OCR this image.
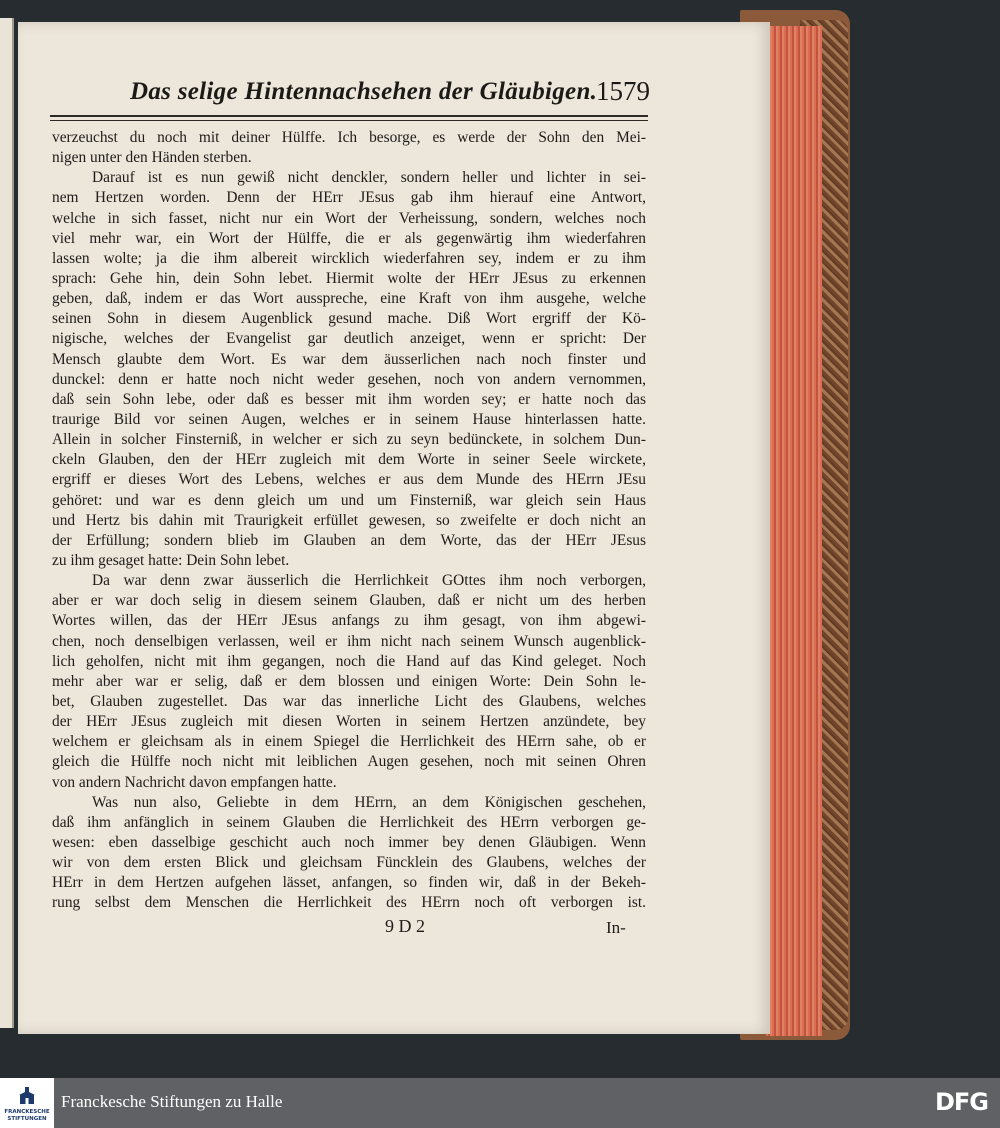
Das selige Hintennachsehen der Gläubigen.
1579
verzeuchst du noch mit deiner Hülffe. Ich besorge, es werde der Sohn den Mei-
nigen unter den Händen sterben.
Darauf ist es nun gewiß nicht denckler, sondern heller und lichter in sei-
nem Hertzen worden. Denn der HErr JEsus gab ihm hierauf eine Antwort,
welche in sich fasset, nicht nur ein Wort der Verheissung, sondern, welches noch
viel mehr war, ein Wort der Hülffe, die er als gegenwärtig ihm wiederfahren
lassen wolte; ja die ihm albereit wircklich wiederfahren sey, indem er zu ihm
sprach: Gehe hin, dein Sohn lebet. Hiermit wolte der HErr JEsus zu erkennen
geben, daß, indem er das Wort ausspreche, eine Kraft von ihm ausgehe, welche
seinen Sohn in diesem Augenblick gesund mache. Diß Wort ergriff der Kö-
nigische, welches der Evangelist gar deutlich anzeiget, wenn er spricht: Der
Mensch glaubte dem Wort. Es war dem äusserlichen nach noch finster und
dunckel: denn er hatte noch nicht weder gesehen, noch von andern vernommen,
daß sein Sohn lebe, oder daß es besser mit ihm worden sey; er hatte noch das
traurige Bild vor seinen Augen, welches er in seinem Hause hinterlassen hatte.
Allein in solcher Finsterniß, in welcher er sich zu seyn bedünckete, in solchem Dun-
ckeln Glauben, den der HErr zugleich mit dem Worte in seiner Seele wirckete,
ergriff er dieses Wort des Lebens, welches er aus dem Munde des HErrn JEsu
gehöret: und war es denn gleich um und um Finsterniß, war gleich sein Haus
und Hertz bis dahin mit Traurigkeit erfüllet gewesen, so zweifelte er doch nicht an
der Erfüllung; sondern blieb im Glauben an dem Worte, das der HErr JEsus
zu ihm gesaget hatte: Dein Sohn lebet.
Da war denn zwar äusserlich die Herrlichkeit GOttes ihm noch verborgen,
aber er war doch selig in diesem seinem Glauben, daß er nicht um des herben
Wortes willen, das der HErr JEsus anfangs zu ihm gesagt, von ihm abgewi-
chen, noch denselbigen verlassen, weil er ihm nicht nach seinem Wunsch augenblick-
lich geholfen, nicht mit ihm gegangen, noch die Hand auf das Kind geleget. Noch
mehr aber war er selig, daß er dem blossen und einigen Worte: Dein Sohn le-
bet, Glauben zugestellet. Das war das innerliche Licht des Glaubens, welches
der HErr JEsus zugleich mit diesen Worten in seinem Hertzen anzündete, bey
welchem er gleichsam als in einem Spiegel die Herrlichkeit des HErrn sahe, ob er
gleich die Hülffe noch nicht mit leiblichen Augen gesehen, noch mit seinen Ohren
von andern Nachricht davon empfangen hatte.
Was nun also, Geliebte in dem HErrn, an dem Königischen geschehen,
daß ihm anfänglich in seinem Glauben die Herrlichkeit des HErrn verborgen ge-
wesen: eben dasselbige geschicht auch noch immer bey denen Gläubigen. Wenn
wir von dem ersten Blick und gleichsam Füncklein des Glaubens, welches der
HErr in dem Hertzen aufgehen lässet, anfangen, so finden wir, daß in der Bekeh-
rung selbst dem Menschen die Herrlichkeit des HErrn noch oft verborgen ist.
9 D 2	In-
FRANCKESCHE STIFTUNGEN
Franckesche Stiftungen zu Halle	DFG
